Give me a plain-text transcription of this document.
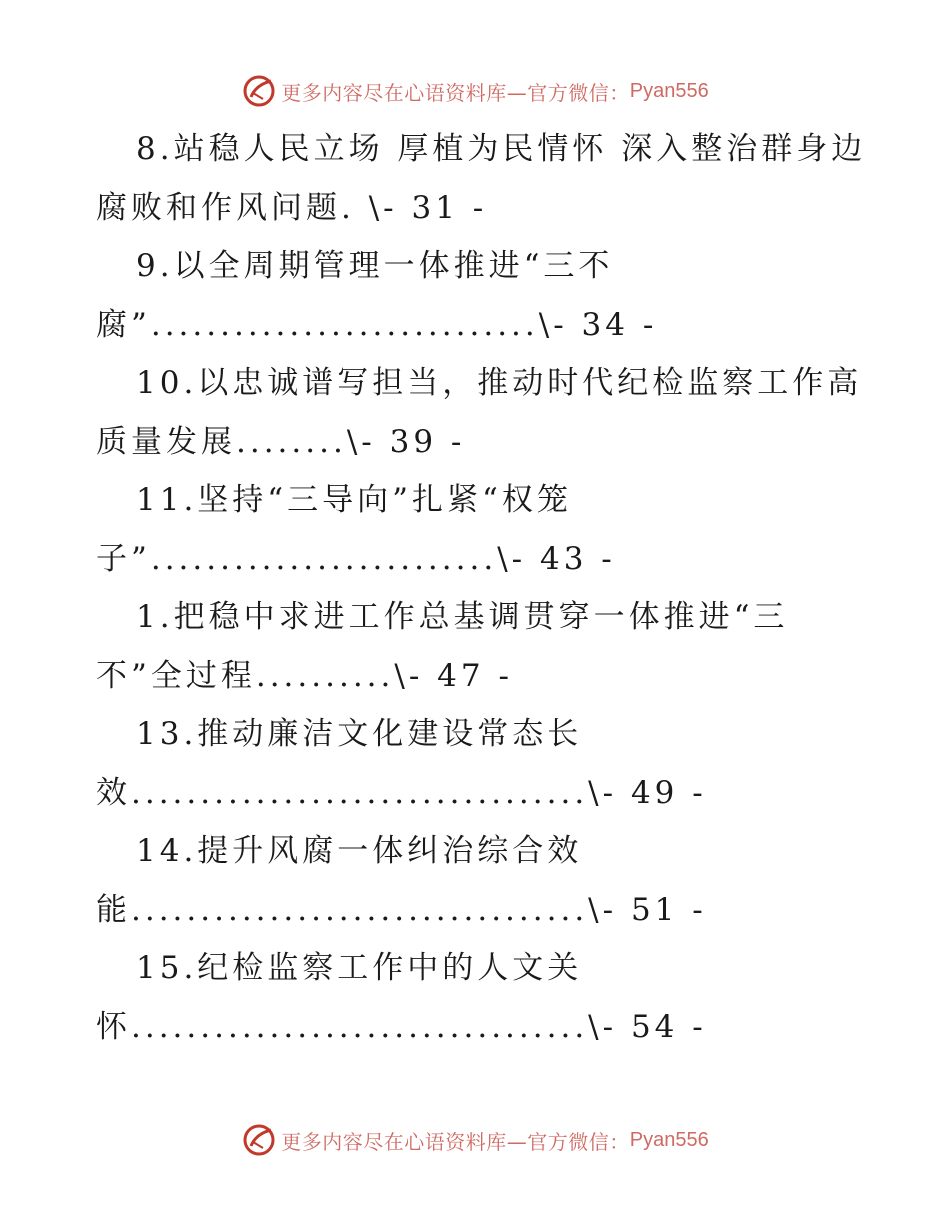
更多内容尽在心语资料库—官方微信： Pyan556
8.站稳人民立场 厚植为民情怀 深入整治群身边
腐败和作风问题. \- 31 -
9.以全周期管理一体推进“三不
腐”............................\- 34 -
10.以忠诚谱写担当，推动时代纪检监察工作高
质量发展........\- 39 -
11.坚持“三导向”扎紧“权笼
子”.........................\- 43 -
1.把稳中求进工作总基调贯穿一体推进“三
不”全过程..........\- 47 -
13.推动廉洁文化建设常态长
效.................................\- 49 -
14.提升风腐一体纠治综合效
能.................................\- 51 -
15.纪检监察工作中的人文关
怀.................................\- 54 -
更多内容尽在心语资料库—官方微信： Pyan556
